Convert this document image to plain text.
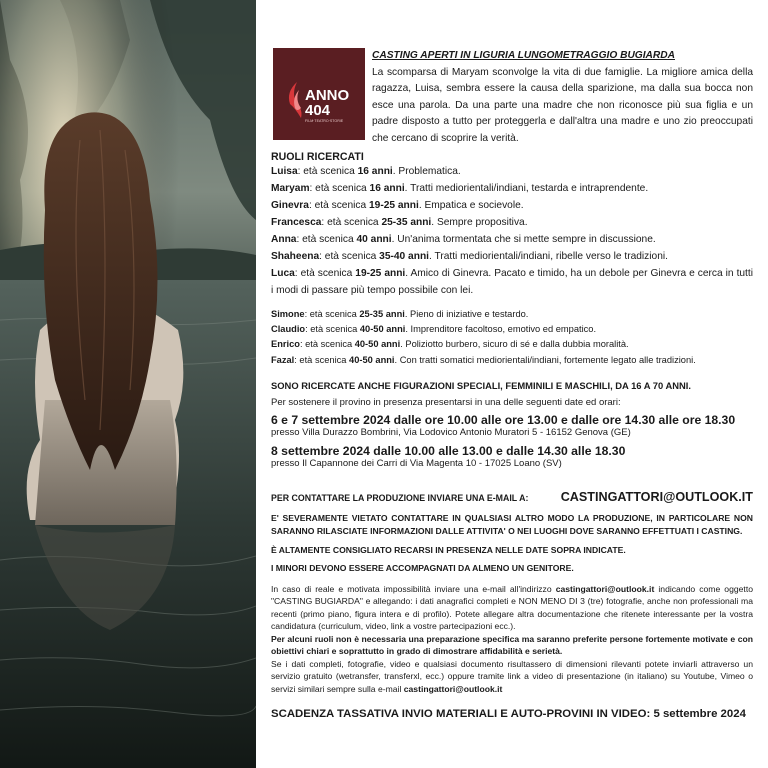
ANNO
404
FILM·TEATRO·STORIE
CASTING APERTI IN LIGURIA LUNGOMETRAGGIO BUGIARDA
La scomparsa di Maryam sconvolge la vita di due famiglie. La migliore amica della ragazza, Luisa, sembra essere la causa della sparizione, ma dalla sua bocca non esce una parola. Da una parte una madre che non riconosce più sua figlia e un padre disposto a tutto per proteggerla e dall'altra una madre e uno zio preoccupati che cercano di scoprire la verità.
RUOLI RICERCATI
Luisa: età scenica 16 anni. Problematica.
Maryam: età scenica 16 anni. Tratti mediorientali/indiani, testarda e intraprendente.
Ginevra: età scenica 19-25 anni. Empatica e socievole.
Francesca: età scenica 25-35 anni. Sempre propositiva.
Anna: età scenica 40 anni. Un'anima tormentata che si mette sempre in discussione.
Shaheena: età scenica 35-40 anni. Tratti mediorientali/indiani, ribelle verso le tradizioni.
Luca: età scenica 19-25 anni. Amico di Ginevra. Pacato e timido, ha un debole per Ginevra e cerca in tutti i modi di passare più tempo possibile con lei.
Simone: età scenica 25-35 anni. Pieno di iniziative e testardo.
Claudio: età scenica 40-50 anni. Imprenditore facoltoso, emotivo ed empatico.
Enrico: età scenica 40-50 anni. Poliziotto burbero, sicuro di sé e dalla dubbia moralità.
Fazal: età scenica 40-50 anni. Con tratti somatici mediorientali/indiani, fortemente legato alle tradizioni.
SONO RICERCATE ANCHE FIGURAZIONI SPECIALI, FEMMINILI E MASCHILI, DA 16 A 70 ANNI.
Per sostenere il provino in presenza presentarsi in una delle seguenti date ed orari:
6 e 7 settembre 2024 dalle ore 10.00 alle ore 13.00 e dalle ore 14.30 alle ore 18.30
presso Villa Durazzo Bombrini, Via Lodovico Antonio Muratori 5 - 16152 Genova (GE)
8 settembre 2024 dalle 10.00 alle 13.00 e dalle 14.30 alle 18.30
presso Il Capannone dei Carri di Via Magenta 10 - 17025 Loano (SV)
PER CONTATTARE LA PRODUZIONE INVIARE UNA E-MAIL A:	CASTINGATTORI@OUTLOOK.IT
E' SEVERAMENTE VIETATO CONTATTARE IN QUALSIASI ALTRO MODO LA PRODUZIONE, IN PARTICOLARE NON SARANNO RILASCIATE INFORMAZIONI DALLE ATTIVITA' O NEI LUOGHI DOVE SARANNO EFFETTUATI I CASTING.
È ALTAMENTE CONSIGLIATO RECARSI IN PRESENZA NELLE DATE SOPRA INDICATE.
I MINORI DEVONO ESSERE ACCOMPAGNATI DA ALMENO UN GENITORE.
In caso di reale e motivata impossibilità inviare una e-mail all'indirizzo castingattori@outlook.it indicando come oggetto "CASTING BUGIARDA" e allegando: i dati anagrafici completi e NON MENO DI 3 (tre) fotografie, anche non professionali ma recenti (primo piano, figura intera e di profilo). Potete allegare altra documentazione che ritenete interessante per la vostra candidatura (curriculum, video, link a vostre partecipazioni ecc.).
Per alcuni ruoli non è necessaria una preparazione specifica ma saranno preferite persone fortemente motivate e con obiettivi chiari e soprattutto in grado di dimostrare affidabilità e serietà.
Se i dati completi, fotografie, video e qualsiasi documento risultassero di dimensioni rilevanti potete inviarli attraverso un servizio gratuito (wetransfer, transferxl, ecc.) oppure tramite link a video di presentazione (in italiano) su Youtube, Vimeo o servizi similari sempre sulla e-mail castingattori@outlook.it
SCADENZA TASSATIVA INVIO MATERIALI E AUTO-PROVINI IN VIDEO: 5 settembre 2024
